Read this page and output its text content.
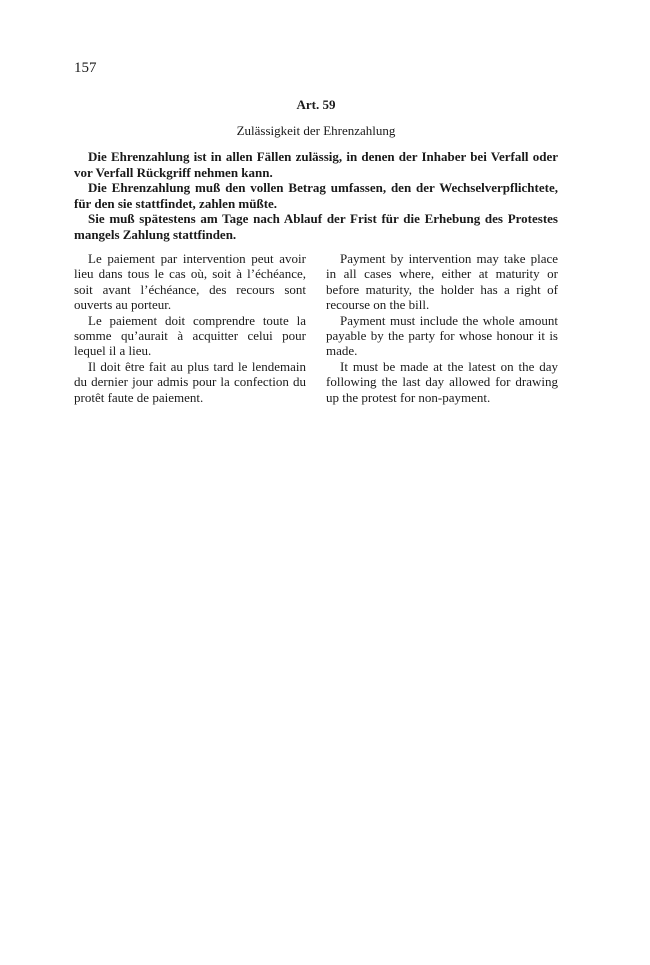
157
Art. 59
Zulässigkeit der Ehrenzahlung

Die Ehrenzahlung ist in allen Fällen zulässig, in denen der Inhaber bei Verfall oder vor Verfall Rückgriff nehmen kann.

Die Ehrenzahlung muß den vollen Betrag umfassen, den der Wechselverpflichtete, für den sie stattfindet, zahlen müßte.

Sie muß spätestens am Tage nach Ablauf der Frist für die Erhebung des Protestes mangels Zahlung stattfinden.

Le paiement par intervention peut avoir lieu dans tous le cas où, soit à l’échéance, soit avant l’échéance, des recours sont ouverts au porteur.

Le paiement doit comprendre toute la somme qu’aurait à acquitter celui pour lequel il a lieu.

Il doit être fait au plus tard le lendemain du dernier jour admis pour la confection du protêt faute de paiement.

Payment by intervention may take place in all cases where, either at maturity or before maturity, the holder has a right of recourse on the bill.

Payment must include the whole amount payable by the party for whose honour it is made.

It must be made at the latest on the day following the last day allowed for drawing up the protest for non-payment.
